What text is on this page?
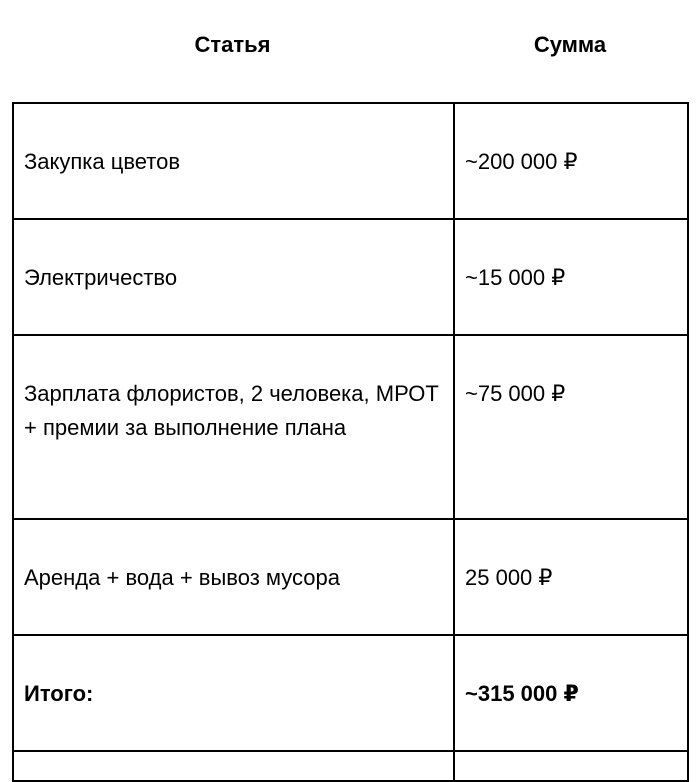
Статья	Сумма
Закупка цветов	~200 000 ₽
Электричество	~15 000 ₽
Зарплата флористов, 2 человека, МРОТ + премии за выполнение плана	~75 000 ₽
Аренда + вода + вывоз мусора	25 000 ₽
Итого:	~315 000 ₽
